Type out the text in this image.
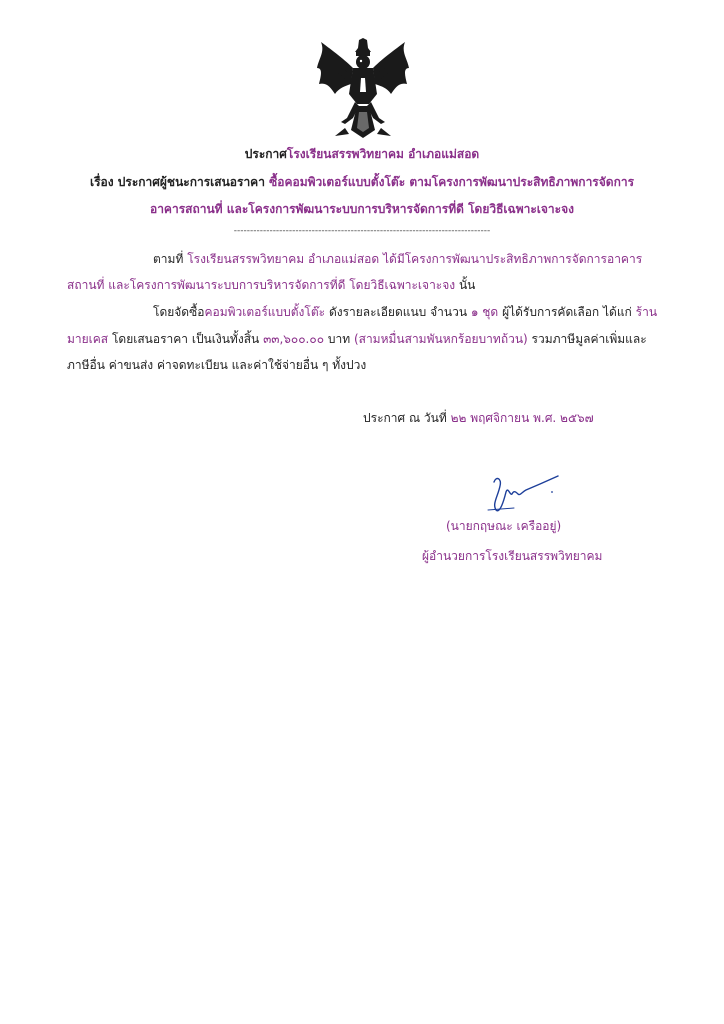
ประกาศโรงเรียนสรรพวิทยาคม อำเภอแม่สอด
เรื่อง ประกาศผู้ชนะการเสนอราคา ซื้อคอมพิวเตอร์แบบตั้งโต๊ะ ตามโครงการพัฒนาประสิทธิภาพการจัดการ
อาคารสถานที่ และโครงการพัฒนาระบบการบริหารจัดการที่ดี โดยวิธีเฉพาะเจาะจง
-------------------------------------------------------------------------------
ตามที่ โรงเรียนสรรพวิทยาคม อำเภอแม่สอด ได้มีโครงการพัฒนาประสิทธิภาพการจัดการอาคาร
สถานที่ และโครงการพัฒนาระบบการบริหารจัดการที่ดี โดยวิธีเฉพาะเจาะจง นั้น
โดยจัดซื้อคอมพิวเตอร์แบบตั้งโต๊ะ ดังรายละเอียดแนบ จำนวน ๑ ชุด ผู้ได้รับการคัดเลือก ได้แก่ ร้าน
มายเคส โดยเสนอราคา เป็นเงินทั้งสิ้น ๓๓,๖๐๐.๐๐ บาท (สามหมื่นสามพันหกร้อยบาทถ้วน) รวมภาษีมูลค่าเพิ่มและ
ภาษีอื่น ค่าขนส่ง ค่าจดทะเบียน และค่าใช้จ่ายอื่น ๆ ทั้งปวง
ประกาศ ณ วันที่ ๒๒ พฤศจิกายน พ.ศ. ๒๕๖๗
(นายกฤษณะ เครืออยู่)
ผู้อำนวยการโรงเรียนสรรพวิทยาคม
